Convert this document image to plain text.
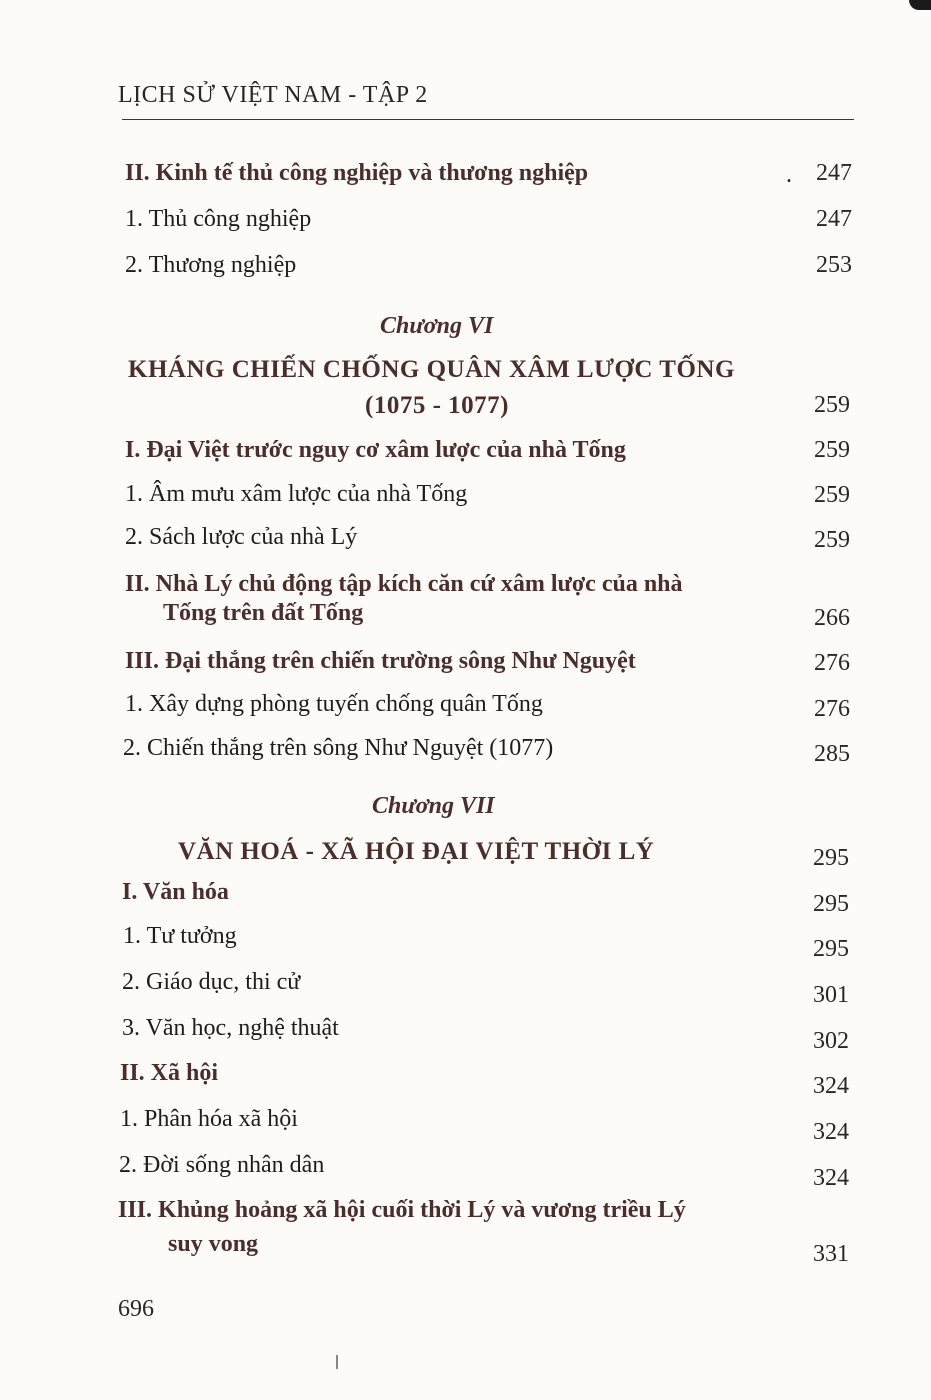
LỊCH SỬ VIỆT NAM - TẬP 2
II. Kinh tế thủ công nghiệp và thương nghiệp	.	247
1. Thủ công nghiệp	247
2. Thương nghiệp	253
Chương VI
KHÁNG CHIẾN CHỐNG QUÂN XÂM LƯỢC TỐNG
(1075 - 1077)	259
I. Đại Việt trước nguy cơ xâm lược của nhà Tống	259
1. Âm mưu xâm lược của nhà Tống	259
2. Sách lược của nhà Lý	259
II. Nhà Lý chủ động tập kích căn cứ xâm lược của nhà
Tống trên đất Tống	266
III. Đại thắng trên chiến trường sông Như Nguyệt	276
1. Xây dựng phòng tuyến chống quân Tống	276
2. Chiến thắng trên sông Như Nguyệt (1077)	285
Chương VII
VĂN HOÁ - XÃ HỘI ĐẠI VIỆT THỜI LÝ	295
I. Văn hóa	295
1. Tư tưởng	295
2. Giáo dục, thi cử	301
3. Văn học, nghệ thuật	302
II. Xã hội	324
1. Phân hóa xã hội	324
2. Đời sống nhân dân	324
III. Khủng hoảng xã hội cuối thời Lý và vương triều Lý
suy vong	331
696
